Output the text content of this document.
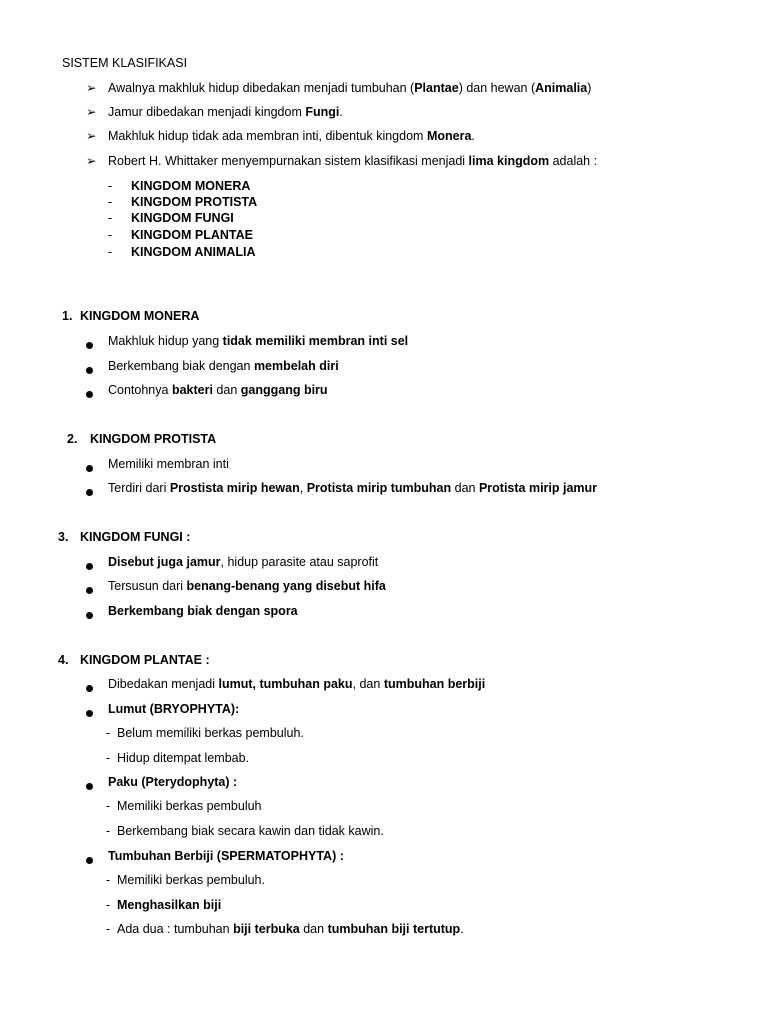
SISTEM KLASIFIKASI
➢ Awalnya makhluk hidup dibedakan menjadi tumbuhan (Plantae) dan hewan (Animalia)
➢ Jamur dibedakan menjadi kingdom Fungi.
➢ Makhluk hidup tidak ada membran inti, dibentuk kingdom Monera.
➢ Robert H. Whittaker menyempurnakan sistem klasifikasi menjadi lima kingdom adalah :
- KINGDOM MONERA
- KINGDOM PROTISTA
- KINGDOM FUNGI
- KINGDOM PLANTAE
- KINGDOM ANIMALIA
1. KINGDOM MONERA
Makhluk hidup yang tidak memiliki membran inti sel
Berkembang biak dengan membelah diri
Contohnya bakteri dan ganggang biru
2. KINGDOM PROTISTA
Memiliki membran inti
Terdiri dari Prostista mirip hewan, Protista mirip tumbuhan dan Protista mirip jamur
3. KINGDOM FUNGI :
Disebut juga jamur, hidup parasite atau saprofit
Tersusun dari benang-benang yang disebut hifa
Berkembang biak dengan spora
4. KINGDOM PLANTAE :
Dibedakan menjadi lumut, tumbuhan paku, dan tumbuhan berbiji
Lumut (BRYOPHYTA):
- Belum memiliki berkas pembuluh.
- Hidup ditempat lembab.
Paku (Pterydophyta) :
- Memiliki berkas pembuluh
- Berkembang biak secara kawin dan tidak kawin.
Tumbuhan Berbiji (SPERMATOPHYTA) :
- Memiliki berkas pembuluh.
- Menghasilkan biji
- Ada dua : tumbuhan biji terbuka dan tumbuhan biji tertutup.
